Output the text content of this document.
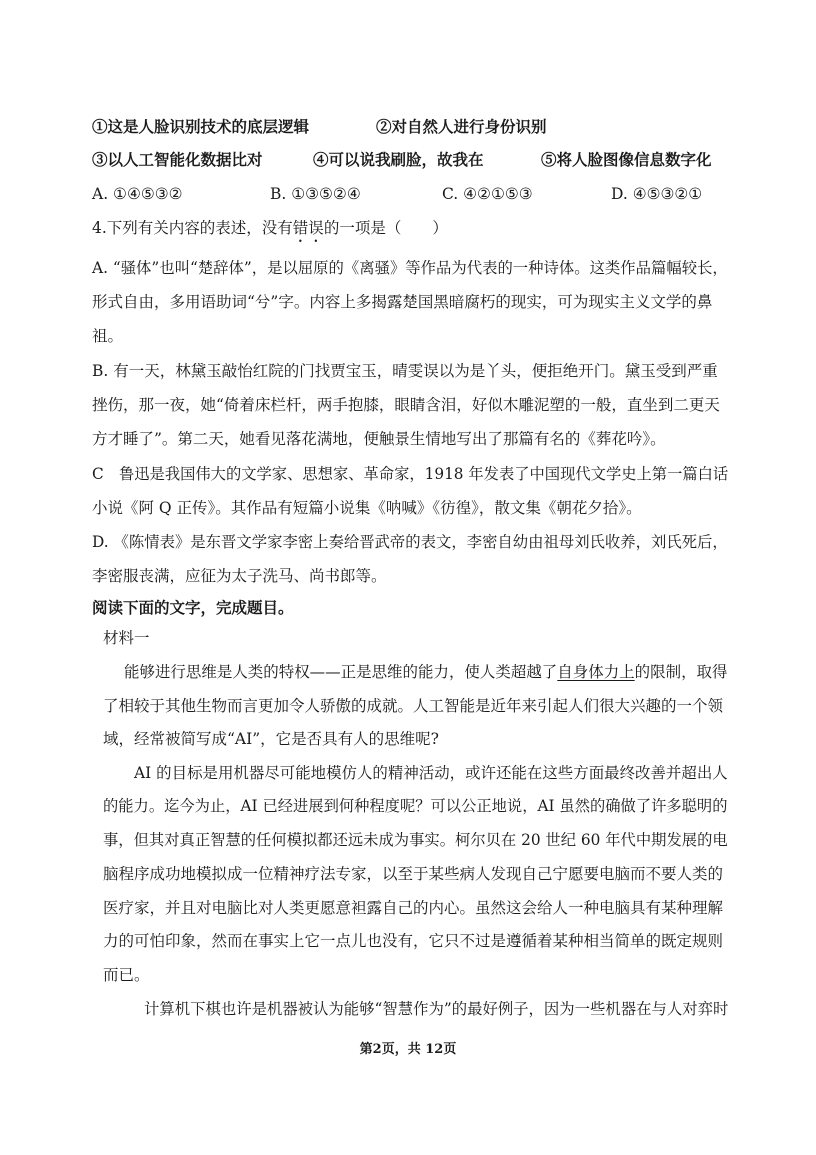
①这是人脸识别技术的底层逻辑	②对自然人进行身份识别
③以人工智能化数据比对	④可以说我刷脸，故我在	⑤将人脸图像信息数字化
A. ①④⑤③②	B. ①③⑤②④	C. ④②①⑤③	D. ④⑤③②①
4.下列有关内容的表述，没有错误的一项是（　　）
A. “骚体”也叫“楚辞体”，是以屈原的《离骚》等作品为代表的一种诗体。这类作品篇幅较长，
形式自由，多用语助词“兮”字。内容上多揭露楚国黑暗腐朽的现实，可为现实主义文学的鼻
祖。
B. 有一天，林黛玉敲怡红院的门找贾宝玉，晴雯误以为是丫头，便拒绝开门。黛玉受到严重
挫伤，那一夜，她“倚着床栏杆，两手抱膝，眼睛含泪，好似木雕泥塑的一般，直坐到二更天
方才睡了”。第二天，她看见落花满地，便触景生情地写出了那篇有名的《葬花吟》。
C　鲁迅是我国伟大的文学家、思想家、革命家，1918 年发表了中国现代文学史上第一篇白话
小说《阿 Q 正传》。其作品有短篇小说集《呐喊》《彷徨》，散文集《朝花夕拾》。
D. 《陈情表》是东晋文学家李密上奏给晋武帝的表文，李密自幼由祖母刘氏收养，刘氏死后，
李密服丧满，应征为太子洗马、尚书郎等。
阅读下面的文字，完成题目。
材料一
能够进行思维是人类的特权——正是思维的能力，使人类超越了自身体力上的限制，取得
了相较于其他生物而言更加令人骄傲的成就。人工智能是近年来引起人们很大兴趣的一个领
域，经常被简写成“AI”，它是否具有人的思维呢?
AI 的目标是用机器尽可能地模仿人的精神活动，或许还能在这些方面最终改善并超出人
的能力。迄今为止，AI 已经进展到何种程度呢？可以公正地说，AI 虽然的确做了许多聪明的
事，但其对真正智慧的任何模拟都还远未成为事实。柯尔贝在 20 世纪 60 年代中期发展的电
脑程序成功地模拟成一位精神疗法专家，以至于某些病人发现自己宁愿要电脑而不要人类的
医疗家，并且对电脑比对人类更愿意袒露自己的内心。虽然这会给人一种电脑具有某种理解
力的可怕印象，然而在事实上它一点儿也没有，它只不过是遵循着某种相当简单的既定规则
而已。
计算机下棋也许是机器被认为能够“智慧作为”的最好例子，因为一些机器在与人对弈时
第2页，共 12页
